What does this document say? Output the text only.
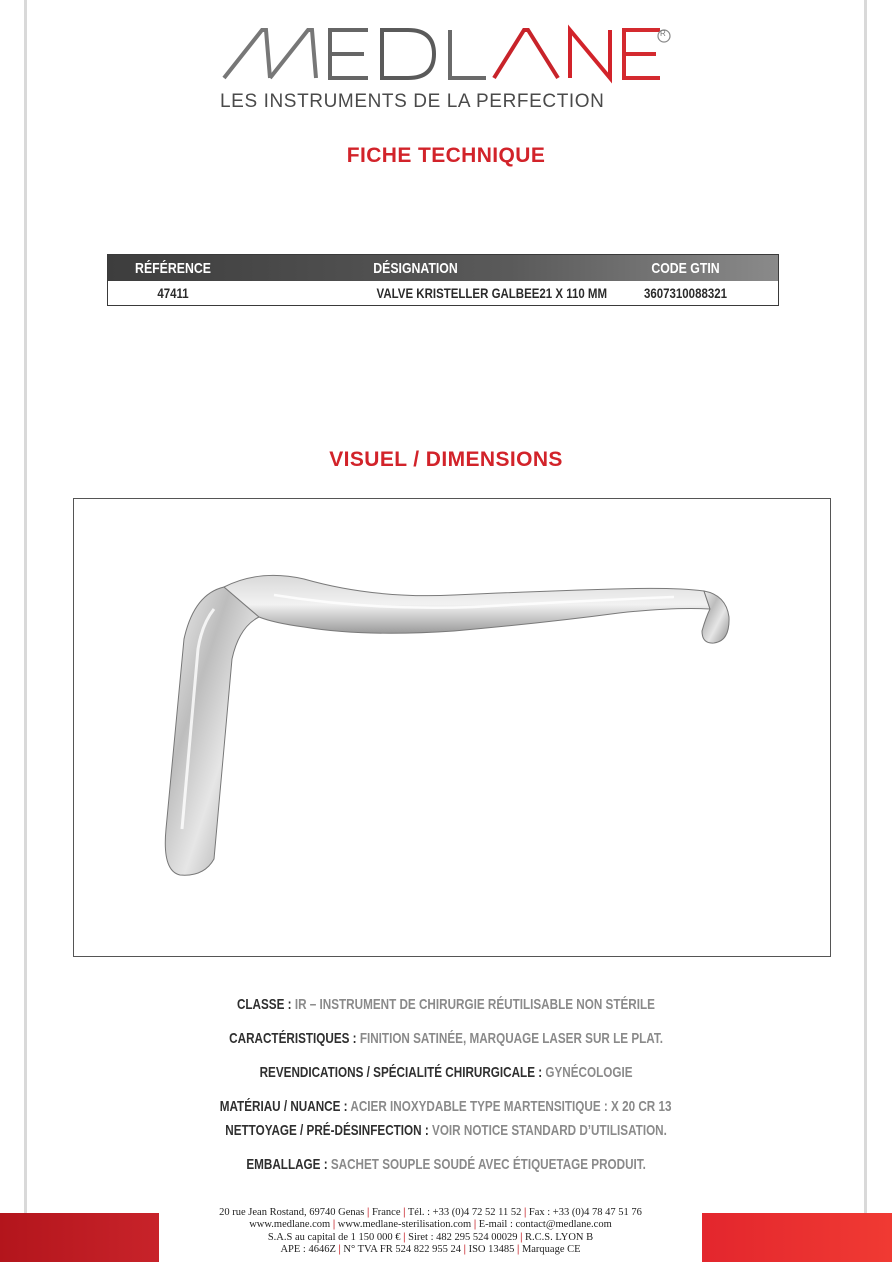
R
LES INSTRUMENTS DE LA PERFECTION
FICHE TECHNIQUE
RÉFÉRENCE	DÉSIGNATION	CODE GTIN
47411	VALVE KRISTELLER GALBEE 21 X 110 MM	3607310088321
VISUEL / DIMENSIONS
CLASSE : IR – INSTRUMENT DE CHIRURGIE RÉUTILISABLE NON STÉRILE
CARACTÉRISTIQUES : FINITION SATINÉE, MARQUAGE LASER SUR LE PLAT.
REVENDICATIONS / SPÉCIALITÉ CHIRURGICALE : GYNÉCOLOGIE
MATÉRIAU / NUANCE : ACIER INOXYDABLE TYPE MARTENSITIQUE : X 20 CR 13
NETTOYAGE / PRÉ-DÉSINFECTION : VOIR NOTICE STANDARD D’UTILISATION.
EMBALLAGE : SACHET SOUPLE SOUDÉ AVEC ÉTIQUETAGE PRODUIT.
20 rue Jean Rostand, 69740 Genas | France | Tél. : +33 (0)4 72 52 11 52 | Fax : +33 (0)4 78 47 51 76
www.medlane.com | www.medlane-sterilisation.com | E-mail : contact@medlane.com
S.A.S au capital de 1 150 000 € | Siret : 482 295 524 00029 | R.C.S. LYON B
APE : 4646Z | N° TVA FR 524 822 955 24 | ISO 13485 | Marquage CE
